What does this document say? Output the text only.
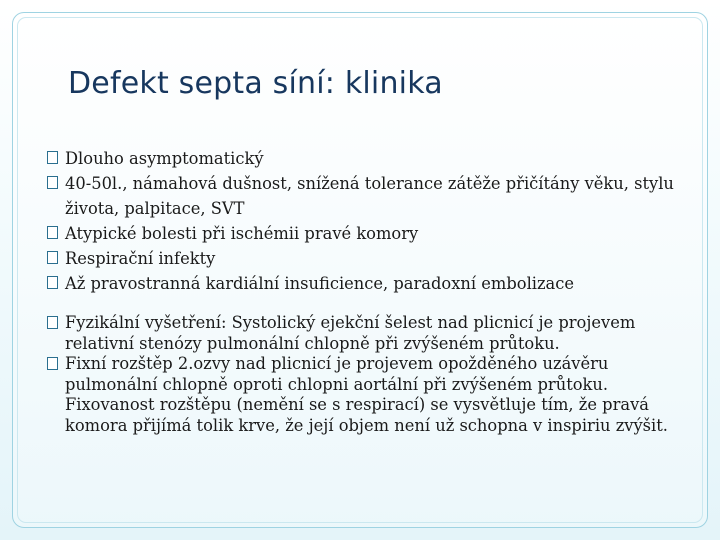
Defekt septa síní: klinika
Dlouho asymptomatický
40-50l., námahová dušnost, snížená tolerance zátěže přičítány věku, stylu života, palpitace, SVT
Atypické bolesti při ischémii pravé komory
Respirační infekty
Až pravostranná kardiální insuficience, paradoxní embolizace
Fyzikální vyšetření: Systolický ejekční šelest nad plicnicí je projevem relativní stenózy pulmonální chlopně při zvýšeném průtoku.
Fixní rozštěp 2.ozvy nad plicnicí je projevem opožděného uzávěru pulmonální chlopně oproti chlopni aortální při zvýšeném průtoku. Fixovanost rozštěpu (nemění se s respirací) se vysvětluje tím, že pravá komora přijímá tolik krve, že její objem není už schopna v inspiriu zvýšit.
